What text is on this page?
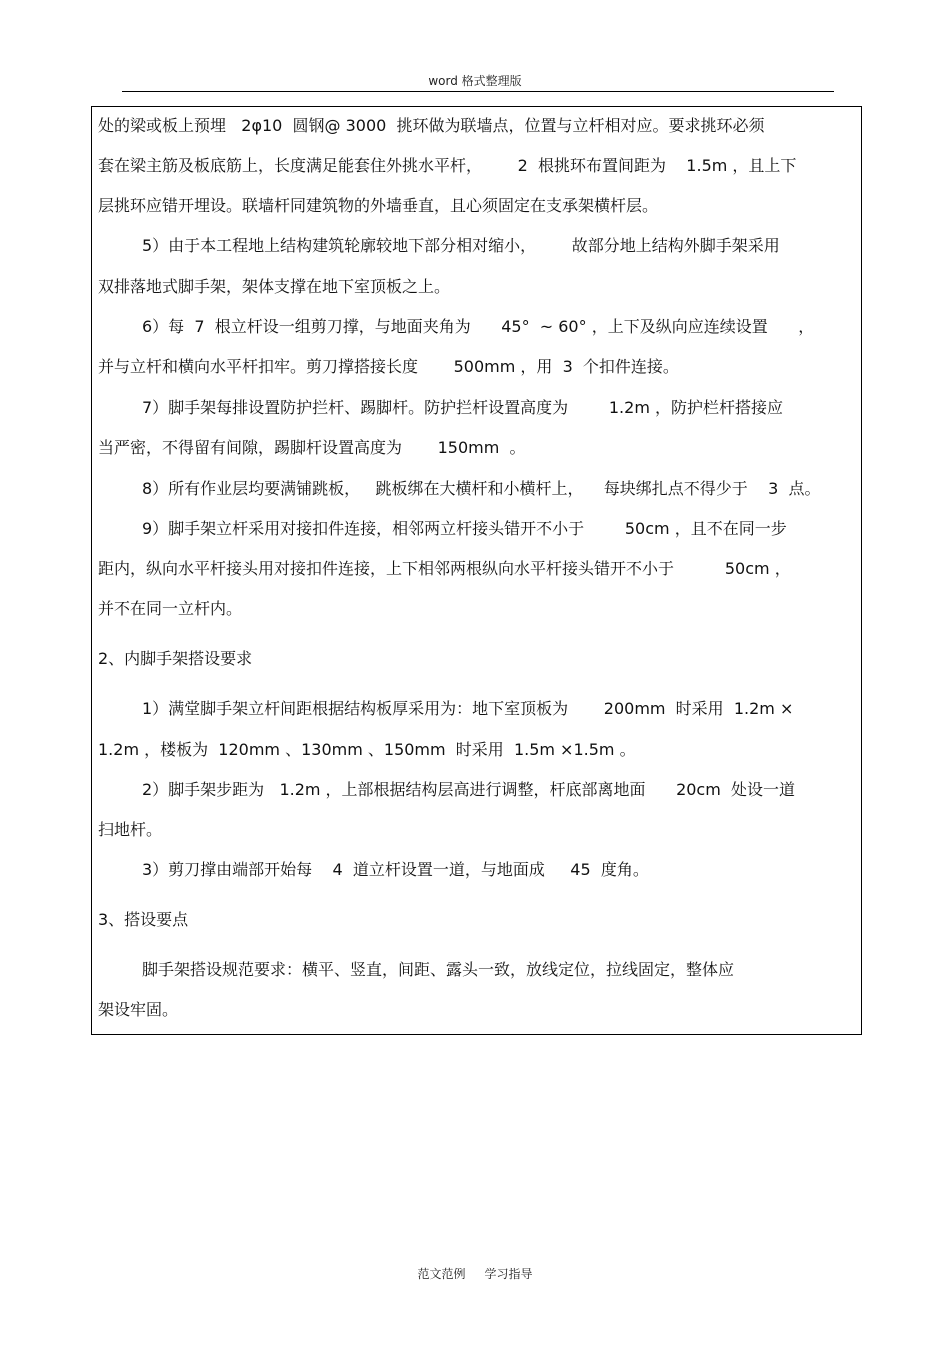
word 格式整理版
处的梁或板上预埋   2φ10  圆钢@ 3000  挑环做为联墙点，位置与立杆相对应。要求挑环必须
套在梁主筋及板底筋上，长度满足能套住外挑水平杆，       2  根挑环布置间距为    1.5m ，且上下
层挑环应错开埋设。联墙杆同建筑物的外墙垂直，且心须固定在支承架横杆层。
5）由于本工程地上结构建筑轮廓较地下部分相对缩小，       故部分地上结构外脚手架采用
双排落地式脚手架，架体支撑在地下室顶板之上。
6）每  7  根立杆设一组剪刀撑，与地面夹角为      45°  ~ 60° ，上下及纵向应连续设置      ，
并与立杆和横向水平杆扣牢。剪刀撑搭接长度       500mm ，用  3  个扣件连接。
7）脚手架每排设置防护拦杆、踢脚杆。防护拦杆设置高度为        1.2m ，防护栏杆搭接应
当严密，不得留有间隙，踢脚杆设置高度为       150mm  。
8）所有作业层均要满铺跳板，   跳板绑在大横杆和小横杆上，    每块绑扎点不得少于    3  点。
9）脚手架立杆采用对接扣件连接，相邻两立杆接头错开不小于        50cm ，且不在同一步
距内，纵向水平杆接头用对接扣件连接，上下相邻两根纵向水平杆接头错开不小于          50cm ，
并不在同一立杆内。
2、内脚手架搭设要求
1）满堂脚手架立杆间距根据结构板厚采用为：地下室顶板为       200mm  时采用  1.2m ×
1.2m ，楼板为  120mm 、130mm 、150mm  时采用  1.5m ×1.5m 。
2）脚手架步距为   1.2m ，上部根据结构层高进行调整，杆底部离地面      20cm  处设一道
扫地杆。
3）剪刀撑由端部开始每    4  道立杆设置一道，与地面成     45  度角。
3、搭设要点
脚手架搭设规范要求：横平、竖直，间距、露头一致，放线定位，拉线固定，整体应
架设牢固。
范文范例     学习指导
